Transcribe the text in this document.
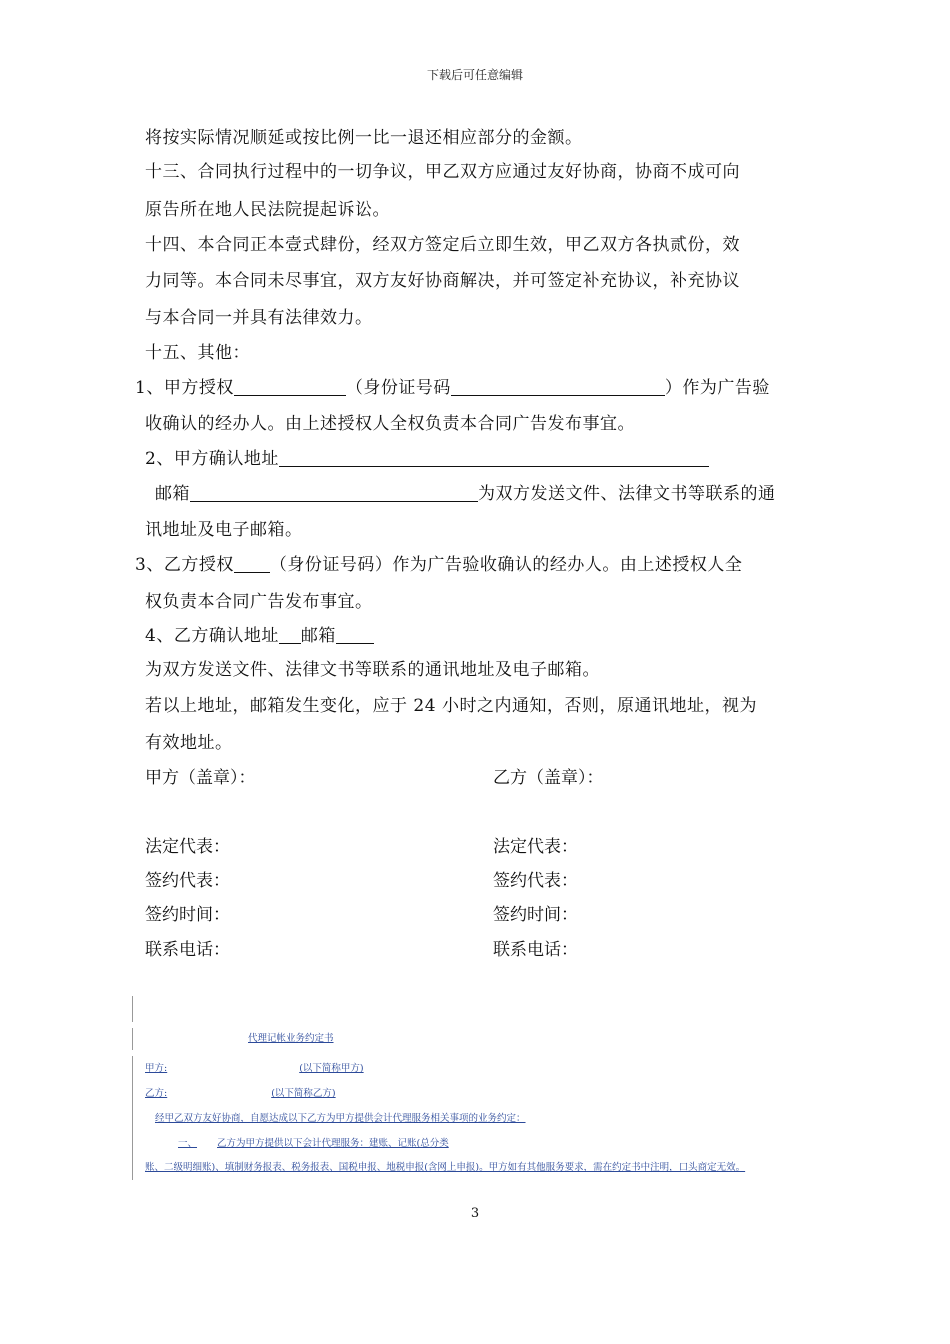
下载后可任意编辑
将按实际情况顺延或按比例一比一退还相应部分的金额。
十三、合同执行过程中的一切争议，甲乙双方应通过友好协商，协商不成可向
原告所在地人民法院提起诉讼。
十四、本合同正本壹式肆份，经双方签定后立即生效，甲乙双方各执贰份，效
力同等。本合同未尽事宜，双方友好协商解决，并可签定补充协议，补充协议
与本合同一并具有法律效力。
十五、其他：
1、甲方授权	（身份证号码	）作为广告验
收确认的经办人。由上述授权人全权负责本合同广告发布事宜。
2、甲方确认地址
邮箱	为双方发送文件、法律文书等联系的通
讯地址及电子邮箱。
3、乙方授权 （身份证号码）作为广告验收确认的经办人。由上述授权人全
权负责本合同广告发布事宜。
4、乙方确认地址 邮箱
为双方发送文件、法律文书等联系的通讯地址及电子邮箱。
若以上地址，邮箱发生变化，应于 24 小时之内通知，否则，原通讯地址，视为
有效地址。
甲方（盖章）：	乙方（盖章）：
法定代表：	法定代表：
签约代表：	签约代表：
签约时间：	签约时间：
联系电话：	联系电话：
代理记帐业务约定书
甲方:	(以下简称甲方)
乙方:	(以下简称乙方)
经甲乙双方友好协商，自愿达成以下乙方为甲方提供会计代理服务相关事项的业务约定：
一、 乙方为甲方提供以下会计代理服务：建账、记账(总分类
账、二级明细账)、填制财务报表、税务报表、国税申报、地税申报(含网上申报)。甲方如有其他服务要求，需在约定书中注明，口头商定无效。
3
